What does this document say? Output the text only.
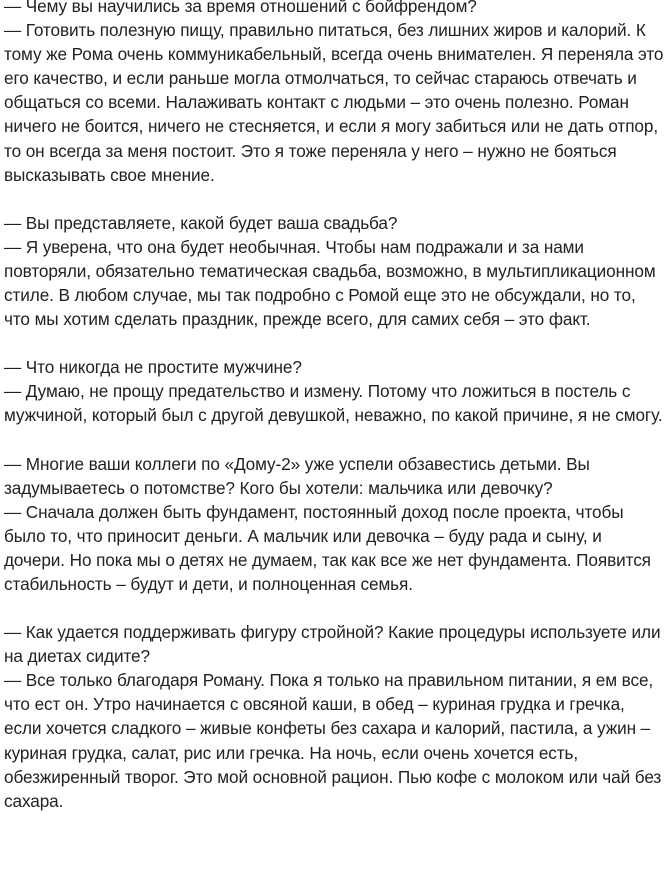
— Чему вы научились за время отношений с бойфрендом?

— Готовить полезную пищу, правильно питаться, без лишних жиров и калорий. К тому же Рома очень коммуникабельный, всегда очень внимателен. Я переняла это его качество, и если раньше могла отмолчаться, то сейчас стараюсь отвечать и общаться со всеми. Налаживать контакт с людьми – это очень полезно. Роман ничего не боится, ничего не стесняется, и если я могу забиться или не дать отпор, то он всегда за меня постоит. Это я тоже переняла у него – нужно не бояться высказывать свое мнение.

— Вы представляете, какой будет ваша свадьба?

— Я уверена, что она будет необычная. Чтобы нам подражали и за нами повторяли, обязательно тематическая свадьба, возможно, в мультипликационном стиле. В любом случае, мы так подробно с Ромой еще это не обсуждали, но то, что мы хотим сделать праздник, прежде всего, для самих себя – это факт.

— Что никогда не простите мужчине?

— Думаю, не прощу предательство и измену. Потому что ложиться в постель с мужчиной, который был с другой девушкой, неважно, по какой причине, я не смогу.

— Многие ваши коллеги по «Дому-2» уже успели обзавестись детьми. Вы задумываетесь о потомстве? Кого бы хотели: мальчика или девочку?

— Сначала должен быть фундамент, постоянный доход после проекта, чтобы было то, что приносит деньги. А мальчик или девочка – буду рада и сыну, и дочери. Но пока мы о детях не думаем, так как все же нет фундамента. Появится стабильность – будут и дети, и полноценная семья.

— Как удается поддерживать фигуру стройной? Какие процедуры используете или на диетах сидите?

— Все только благодаря Роману. Пока я только на правильном питании, я ем все, что ест он. Утро начинается с овсяной каши, в обед – куриная грудка и гречка, если хочется сладкого – живые конфеты без сахара и калорий, пастила, а ужин – куриная грудка, салат, рис или гречка. На ночь, если очень хочется есть, обезжиренный творог. Это мой основной рацион. Пью кофе с молоком или чай без сахара.
